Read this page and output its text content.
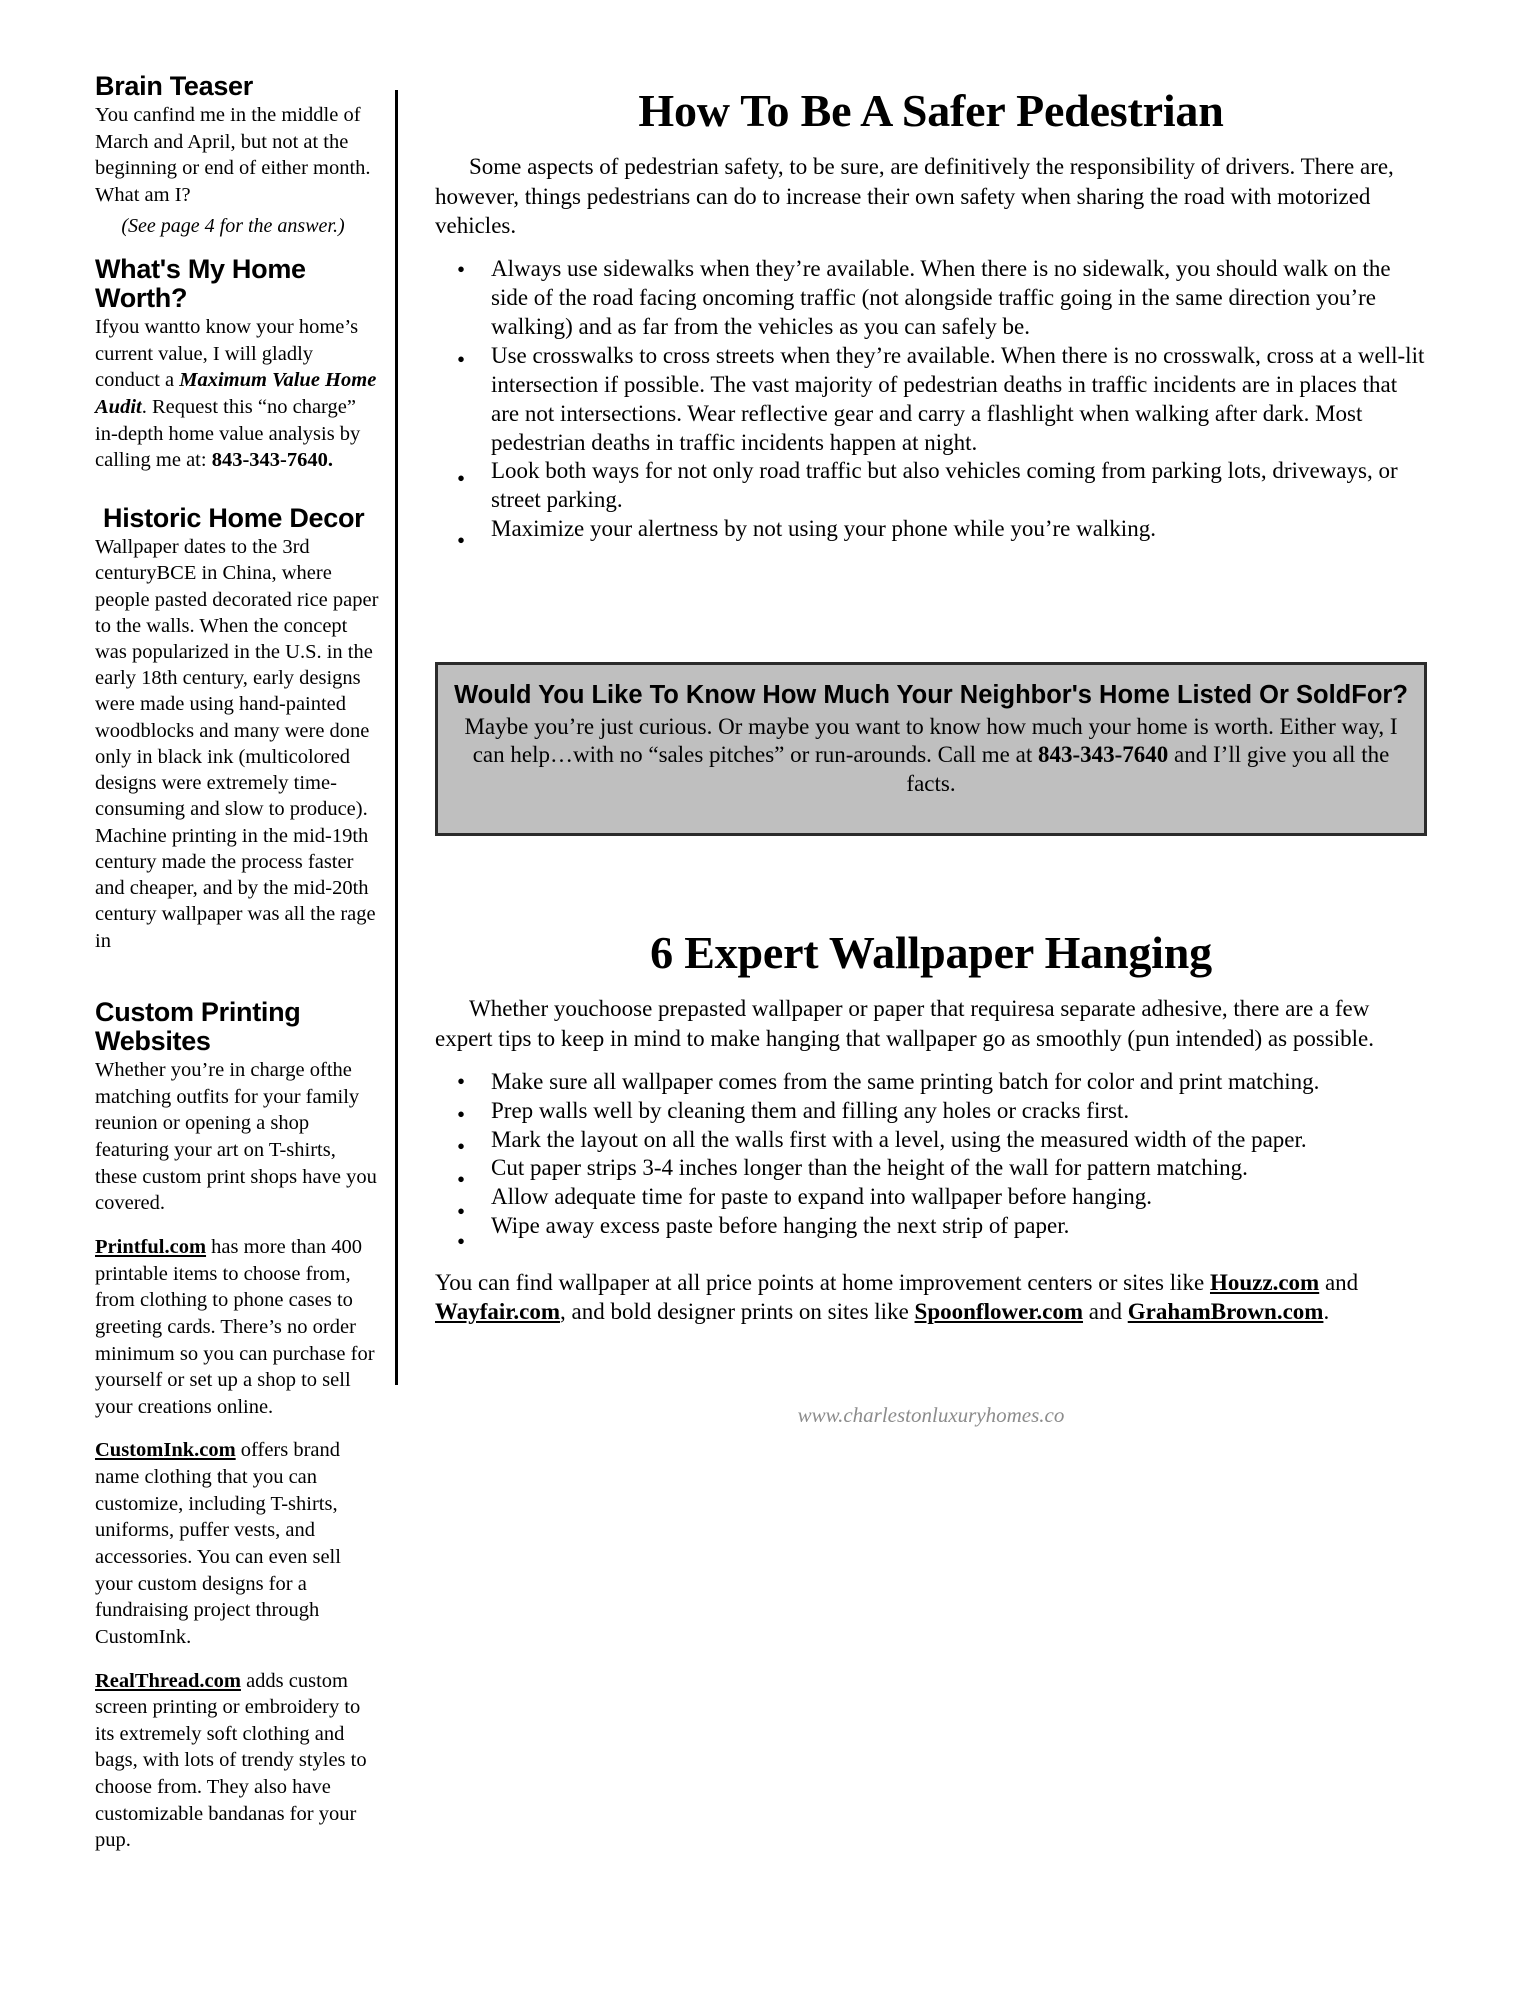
Brain Teaser

You canfind me in the middle of March and April, but not at the beginning or end of either month. What am I?

(See page 4 for the answer.)

What's My Home Worth?

Ifyou wantto know your home’s current value, I will gladly conduct a Maximum Value Home Audit. Request this “no charge” in-depth home value analysis by calling me at: 843-343-7640.

Historic Home Decor

Wallpaper dates to the 3rd centuryBCE in China, where people pasted decorated rice paper to the walls. When the concept was popularized in the U.S. in the early 18th century, early designs were made using hand-painted woodblocks and many were done only in black ink (multicolored designs were extremely time-consuming and slow to produce). Machine printing in the mid-19th century made the process faster and cheaper, and by the mid-20th century wallpaper was all the rage in

Custom Printing Websites

Whether you’re in charge ofthe matching outfits for your family reunion or opening a shop featuring your art on T-shirts, these custom print shops have you covered.

Printful.com has more than 400 printable items to choose from, from clothing to phone cases to greeting cards. There’s no order minimum so you can purchase for yourself or set up a shop to sell your creations online.

CustomInk.com offers brand name clothing that you can customize, including T-shirts, uniforms, puffer vests, and accessories. You can even sell your custom designs for a fundraising project through CustomInk.

RealThread.com adds custom screen printing or embroidery to its extremely soft clothing and bags, with lots of trendy styles to choose from. They also have customizable bandanas for your pup.

How To Be A Safer Pedestrian

Some aspects of pedestrian safety, to be sure, are definitively the responsibility of drivers. There are, however, things pedestrians can do to increase their own safety when sharing the road with motorized vehicles.

• Always use sidewalks when they’re available. When there is no sidewalk, you should walk on the side of the road facing oncoming traffic (not alongside traffic going in the same direction you’re walking) and as far from the vehicles as you can safely be.
• Use crosswalks to cross streets when they’re available. When there is no crosswalk, cross at a well-lit intersection if possible. The vast majority of pedestrian deaths in traffic incidents are in places that are not intersections. Wear reflective gear and carry a flashlight when walking after dark. Most pedestrian deaths in traffic incidents happen at night.
• Look both ways for not only road traffic but also vehicles coming from parking lots, driveways, or street parking.
• Maximize your alertness by not using your phone while you’re walking.

Would You Like To Know How Much Your Neighbor's Home Listed Or SoldFor?

Maybe you’re just curious. Or maybe you want to know how much your home is worth. Either way, I can help…with no “sales pitches” or run-arounds. Call me at 843-343-7640 and I’ll give you all the facts.

6 Expert Wallpaper Hanging

Whether youchoose prepasted wallpaper or paper that requiresa separate adhesive, there are a few expert tips to keep in mind to make hanging that wallpaper go as smoothly (pun intended) as possible.

• Make sure all wallpaper comes from the same printing batch for color and print matching.
• Prep walls well by cleaning them and filling any holes or cracks first.
• Mark the layout on all the walls first with a level, using the measured width of the paper.
• Cut paper strips 3-4 inches longer than the height of the wall for pattern matching.
•
Allow adequate time for paste to expand into wallpaper before hanging.
•
Wipe away excess paste before hanging the next strip of paper.

You can find wallpaper at all price points at home improvement centers or sites like Houzz.com and Wayfair.com, and bold designer prints on sites like Spoonflower.com and GrahamBrown.com.

www.charlestonluxuryhomes.co
